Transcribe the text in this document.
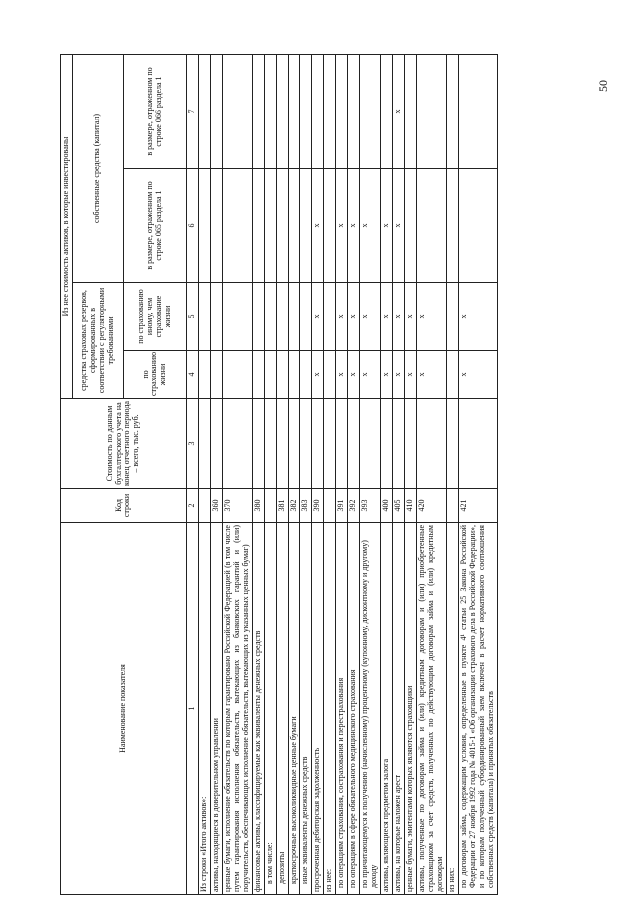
50
Наименование показателя	Код строки	Стоимость по данным бухгалтерского учета на конец отчетного периода – всего, тыс. руб.	Из нее стоимость активов, в которые инвестированы			
			средства страховых резервов, сформированных в соответствии с регуляторными требованиями		собственные средства (капитал)	
			по страхованию жизни	по страхованию иному, чем страхование жизни	в размере, отраженном по строке 065 раздела 1	в размере, отраженном по строке 066 раздела 1
1	2	3	4	5	6	7
Из строки «Итого активов»:						
активы, находящиеся в доверительном управлении	360					
ценные бумаги, исполнение обязательств по которым гарантировано Российской Федерацией (в том числе путем гарантирования исполнения обязательств, вытекающих из банковских гарантий и (или) поручительств, обеспечивающих исполнение обязательств, вытекающих из указанных ценных бумаг)	370					
финансовые активы, классифицируемые как эквиваленты денежных средств	380					
в том числе:						
депозиты	381					
краткосрочные высоколиквидные ценные бумаги	382					
иные эквиваленты денежных средств	383					
просроченная дебиторская задолженность	390		x	x	x	
из нее:						
по операциям страхования, сострахования и перестрахования	391		x	x	x	
по операциям в сфере обязательного медицинского страхования	392		x	x	x	
по причитающемуся к получению (начисленному) процентному (купонному, дисконтному и другому) доходу	393		x	x	x	
активы, являющиеся предметом залога	400		x	x	x	
активы, на которые наложен арест	405		x	x	x	x
ценные бумаги, эмитентами которых являются страховщики	410		x	x		
активы, полученные по договорам займа и (или) кредитным договорам и (или) приобретенные страховщиком за счет средств, полученных по действующим договорам займа и (или) кредитным договорам	420		x	x		
из них:						
по договорам займа, содержащим условия, определенные в пункте 4¹ статьи 25 Закона Российской Федерации от 27 ноября 1992 года № 4015-1 «Об организации страхового дела в Российской Федерации», и по которым полученный субординированный заем включен в расчет нормативного соотношения собственных средств (капитала) и принятых обязательств	421		x	x		
